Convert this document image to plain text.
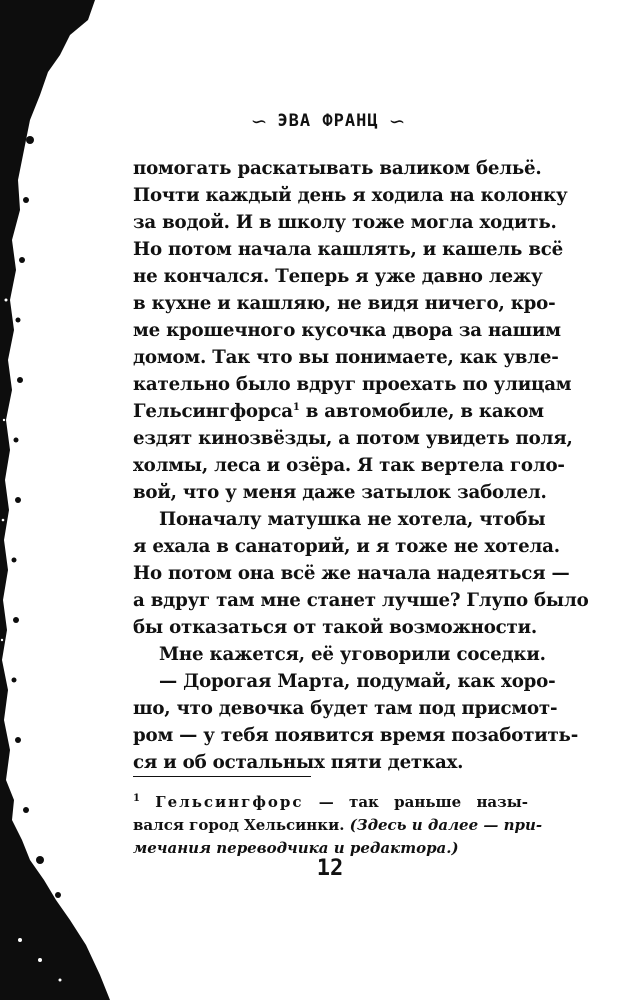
∽ ЭВА ФРАНЦ ∽
помогать раскатывать валиком бельё.
Почти каждый день я ходила на колонку
за водой. И в школу тоже могла ходить.
Но потом начала кашлять, и кашель всё
не кончался. Теперь я уже давно лежу
в кухне и кашляю, не видя ничего, кро-
ме крошечного кусочка двора за нашим
домом. Так что вы понимаете, как увле-
кательно было вдруг проехать по улицам
Гельсингфорса$^1$ в автомобиле, в каком
ездят кинозвёзды, а потом увидеть поля,
холмы, леса и озёра. Я так вертела голо-
вой, что у меня даже затылок заболел.
Поначалу матушка не хотела, чтобы
я ехала в санаторий, и я тоже не хотела.
Но потом она всё же начала надеяться —
а вдруг там мне станет лучше? Глупо было
бы отказаться от такой возможности.
Мне кажется, её уговорили соседки.
— Дорогая Марта, подумай, как хоро-
шо, что девочка будет там под присмот-
ром — у тебя появится время позаботить-
ся и об остальных пяти детках.
$^1$ Гельсингфорс — так раньше назы-
вался город Хельсинки. (Здесь и далее — при-
мечания переводчика и редактора.)
12
